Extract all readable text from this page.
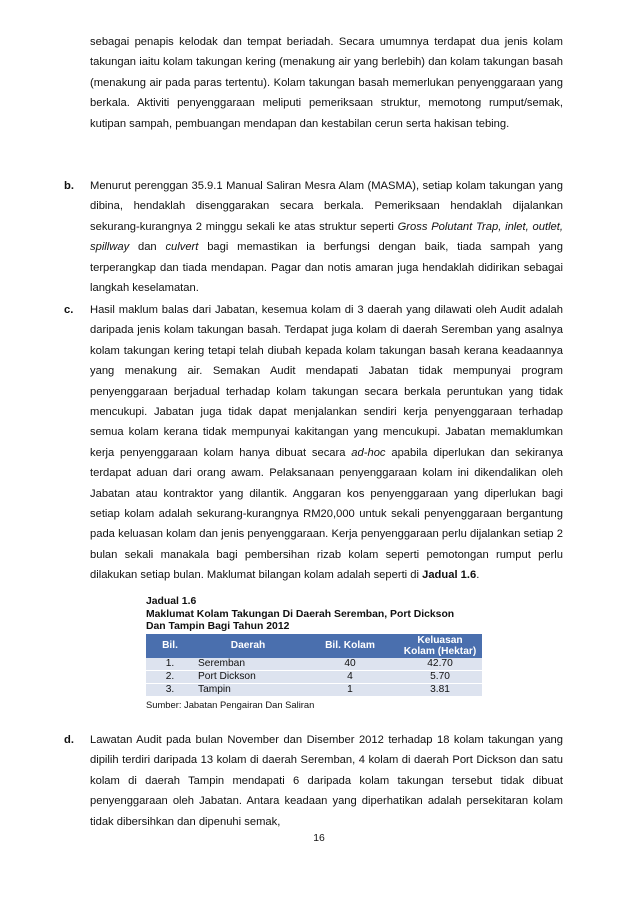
sebagai penapis kelodak dan tempat beriadah. Secara umumnya terdapat dua jenis kolam takungan iaitu kolam takungan kering (menakung air yang berlebih) dan kolam takungan basah (menakung air pada paras tertentu). Kolam takungan basah memerlukan penyenggaraan yang berkala. Aktiviti penyenggaraan meliputi pemeriksaan struktur, memotong rumput/semak, kutipan sampah, pembuangan mendapan dan kestabilan cerun serta hakisan tebing.
b. Menurut perenggan 35.9.1 Manual Saliran Mesra Alam (MASMA), setiap kolam takungan yang dibina, hendaklah disenggarakan secara berkala. Pemeriksaan hendaklah dijalankan sekurang-kurangnya 2 minggu sekali ke atas struktur seperti Gross Polutant Trap, inlet, outlet, spillway dan culvert bagi memastikan ia berfungsi dengan baik, tiada sampah yang terperangkap dan tiada mendapan. Pagar dan notis amaran juga hendaklah didirikan sebagai langkah keselamatan.
c. Hasil maklum balas dari Jabatan, kesemua kolam di 3 daerah yang dilawati oleh Audit adalah daripada jenis kolam takungan basah. Terdapat juga kolam di daerah Seremban yang asalnya kolam takungan kering tetapi telah diubah kepada kolam takungan basah kerana keadaannya yang menakung air. Semakan Audit mendapati Jabatan tidak mempunyai program penyenggaraan berjadual terhadap kolam takungan secara berkala peruntukan yang tidak mencukupi. Jabatan juga tidak dapat menjalankan sendiri kerja penyenggaraan terhadap semua kolam kerana tidak mempunyai kakitangan yang mencukupi. Jabatan memaklumkan kerja penyenggaraan kolam hanya dibuat secara ad-hoc apabila diperlukan dan sekiranya terdapat aduan dari orang awam. Pelaksanaan penyenggaraan kolam ini dikendalikan oleh Jabatan atau kontraktor yang dilantik. Anggaran kos penyenggaraan yang diperlukan bagi setiap kolam adalah sekurang-kurangnya RM20,000 untuk sekali penyenggaraan bergantung pada keluasan kolam dan jenis penyenggaraan. Kerja penyenggaraan perlu dijalankan setiap 2 bulan sekali manakala bagi pembersihan rizab kolam seperti pemotongan rumput perlu dilakukan setiap bulan. Maklumat bilangan kolam adalah seperti di Jadual 1.6.
Jadual 1.6
Maklumat Kolam Takungan Di Daerah Seremban, Port Dickson
Dan Tampin Bagi Tahun 2012
Bil.	Daerah	Bil. Kolam	Keluasan Kolam (Hektar)
1.	Seremban	40	42.70
2.	Port Dickson	4	5.70
3.	Tampin	1	3.81
Sumber: Jabatan Pengairan Dan Saliran
d. Lawatan Audit pada bulan November dan Disember 2012 terhadap 18 kolam takungan yang dipilih terdiri daripada 13 kolam di daerah Seremban, 4 kolam di daerah Port Dickson dan satu kolam di daerah Tampin mendapati 6 daripada kolam takungan tersebut tidak dibuat penyenggaraan oleh Jabatan. Antara keadaan yang diperhatikan adalah persekitaran kolam tidak dibersihkan dan dipenuhi semak,
16
